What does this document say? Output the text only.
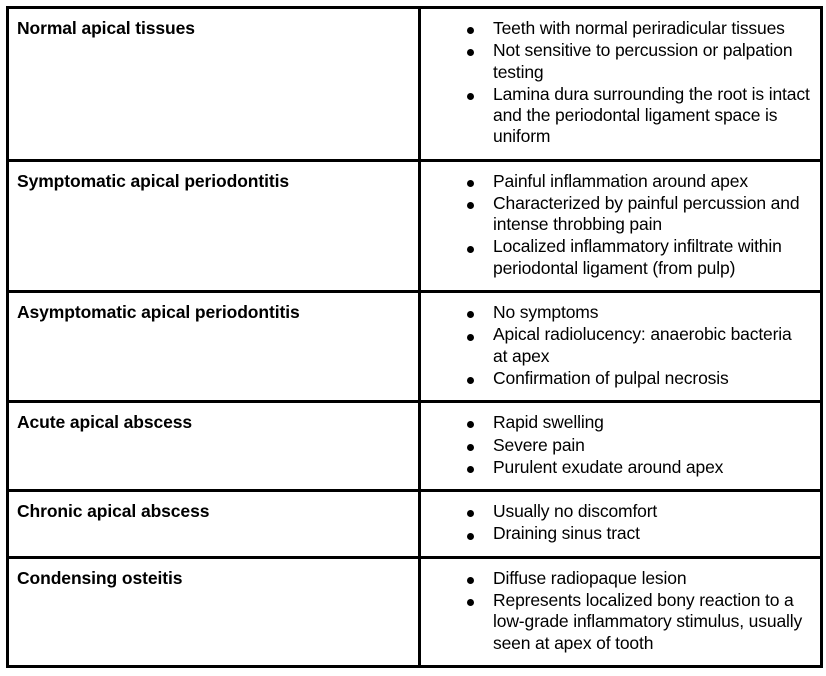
Normal apical tissues	Teeth with normal periradicular tissues
Not sensitive to percussion or palpation testing
Lamina dura surrounding the root is intact and the periodontal ligament space is uniform

Symptomatic apical periodontitis	Painful inflammation around apex
Characterized by painful percussion and intense throbbing pain
Localized inflammatory infiltrate within periodontal ligament (from pulp)

Asymptomatic apical periodontitis	No symptoms
Apical radiolucency: anaerobic bacteria at apex
Confirmation of pulpal necrosis

Acute apical abscess	Rapid swelling
Severe pain
Purulent exudate around apex

Chronic apical abscess	Usually no discomfort
Draining sinus tract

Condensing osteitis	Diffuse radiopaque lesion
Represents localized bony reaction to a low-grade inflammatory stimulus, usually seen at apex of tooth
